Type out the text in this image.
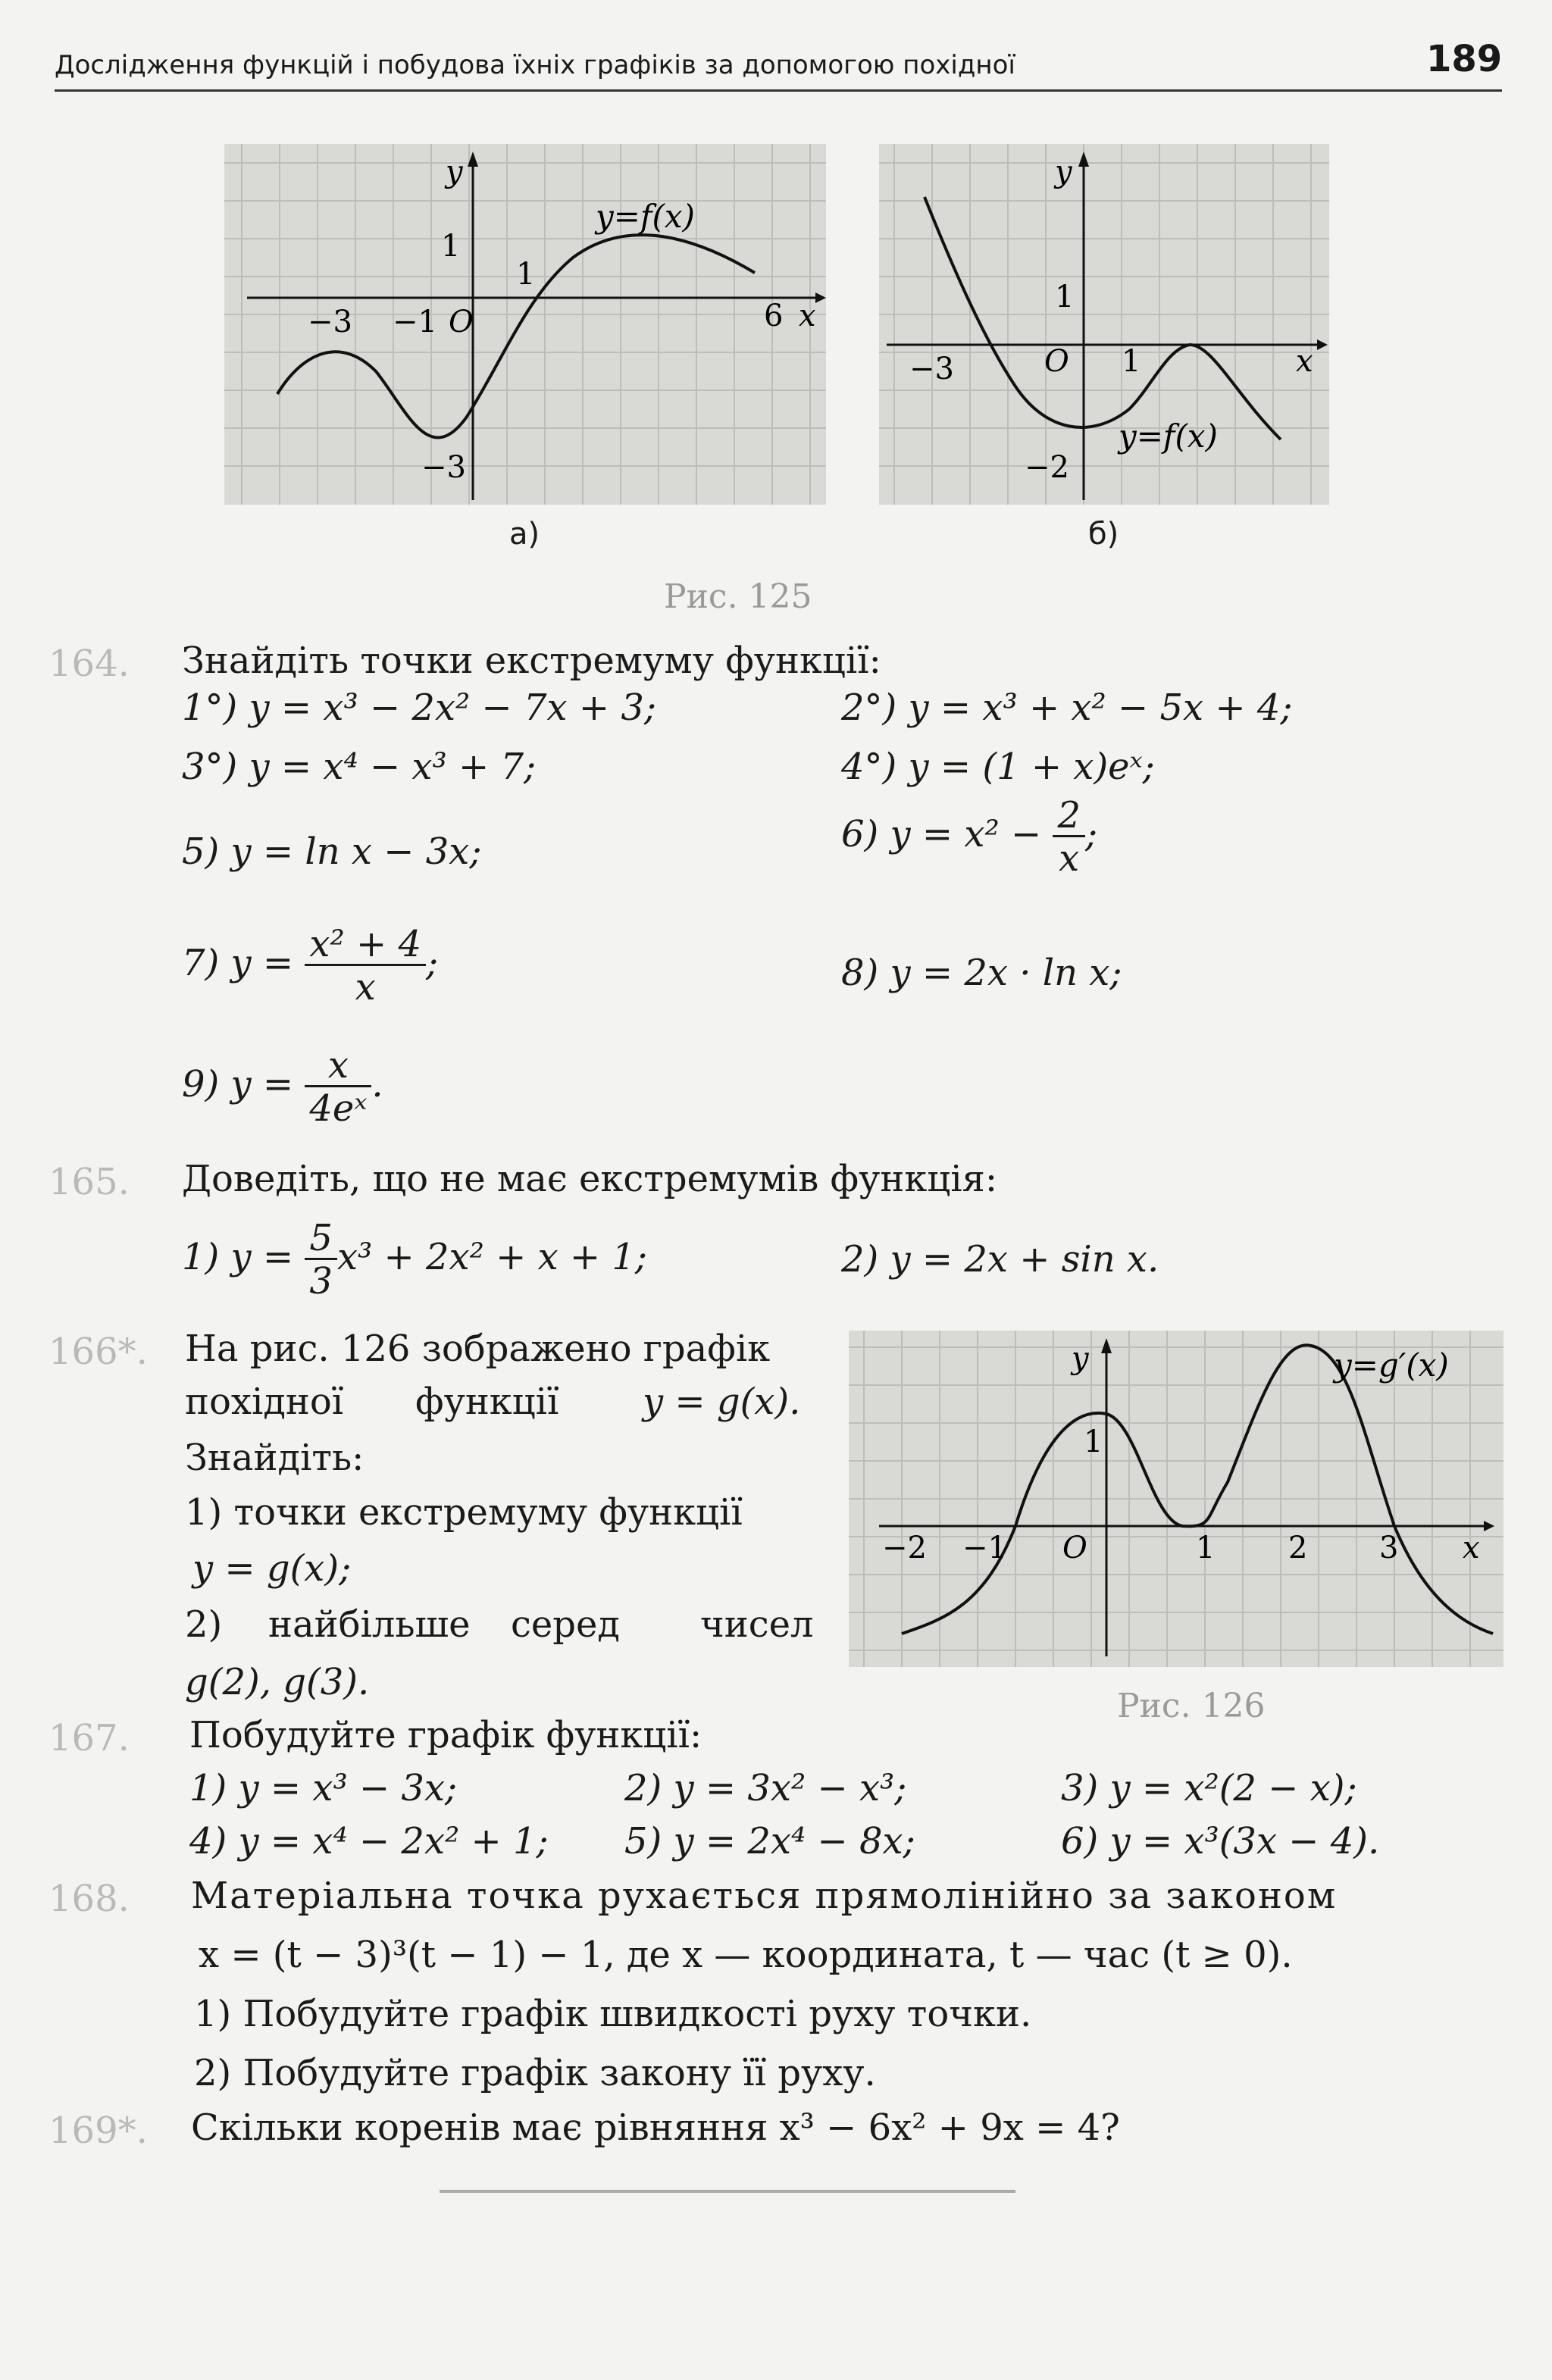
Дослідження функцій і побудова їхніх графіків за допомогою похідної	189
y
x
y=f(x)
−3 −1 O
1
6
1
−3
а)
y
x
y=f(x)
−3	O 1
1
−2
б)
Рис. 125
164. Знайдіть точки екстремуму функції:
1°) y = x³ − 2x² − 7x + 3;	2°) y = x³ + x² − 5x + 4;
3°) y = x⁴ − x³ + 7;	4°) y = (1 + x)eˣ;
5) y = ln x − 3x;	6) $y = x^2 - \frac{2}{x}$ ;
7) $y = \frac{\text{x² + 4}}{x}$ ;	8) y = 2x · ln x;
9) $y = \frac{x}{\text{4eˣ}}$ .
165. Доведіть, що не має екстремумів функція:
1) $y = \frac{5}{3} x^3 + 2x^2 + x + 1$;	2) y = 2x + sin x.
166*. На рис. 126 зображено графік
похідної функції y = g(x).
Знайдіть:
1) точки екстремуму функції
y = g(x);
2) найбільше серед чисел
g(2), g(3).
y
x
y=g′(x)
−2 −1 O	1 2 3
1
Рис. 126
167. Побудуйте графік функції:
1) y = x³ − 3x;	2) y = 3x² − x³;	3) y = x²(2 − x);
4) y = x⁴ − 2x² + 1; 5) y = 2x⁴ − 8x;	6) y = x³(3x − 4).
168. Матеріальна точка рухається прямолінійно за законом
x = (t − 3)³(t − 1) − 1, де x — координата, t — час (t ≥ 0).
1) Побудуйте графік швидкості руху точки.
2) Побудуйте графік закону її руху.
169*. Скільки коренів має рівняння x³ − 6x² + 9x = 4?
